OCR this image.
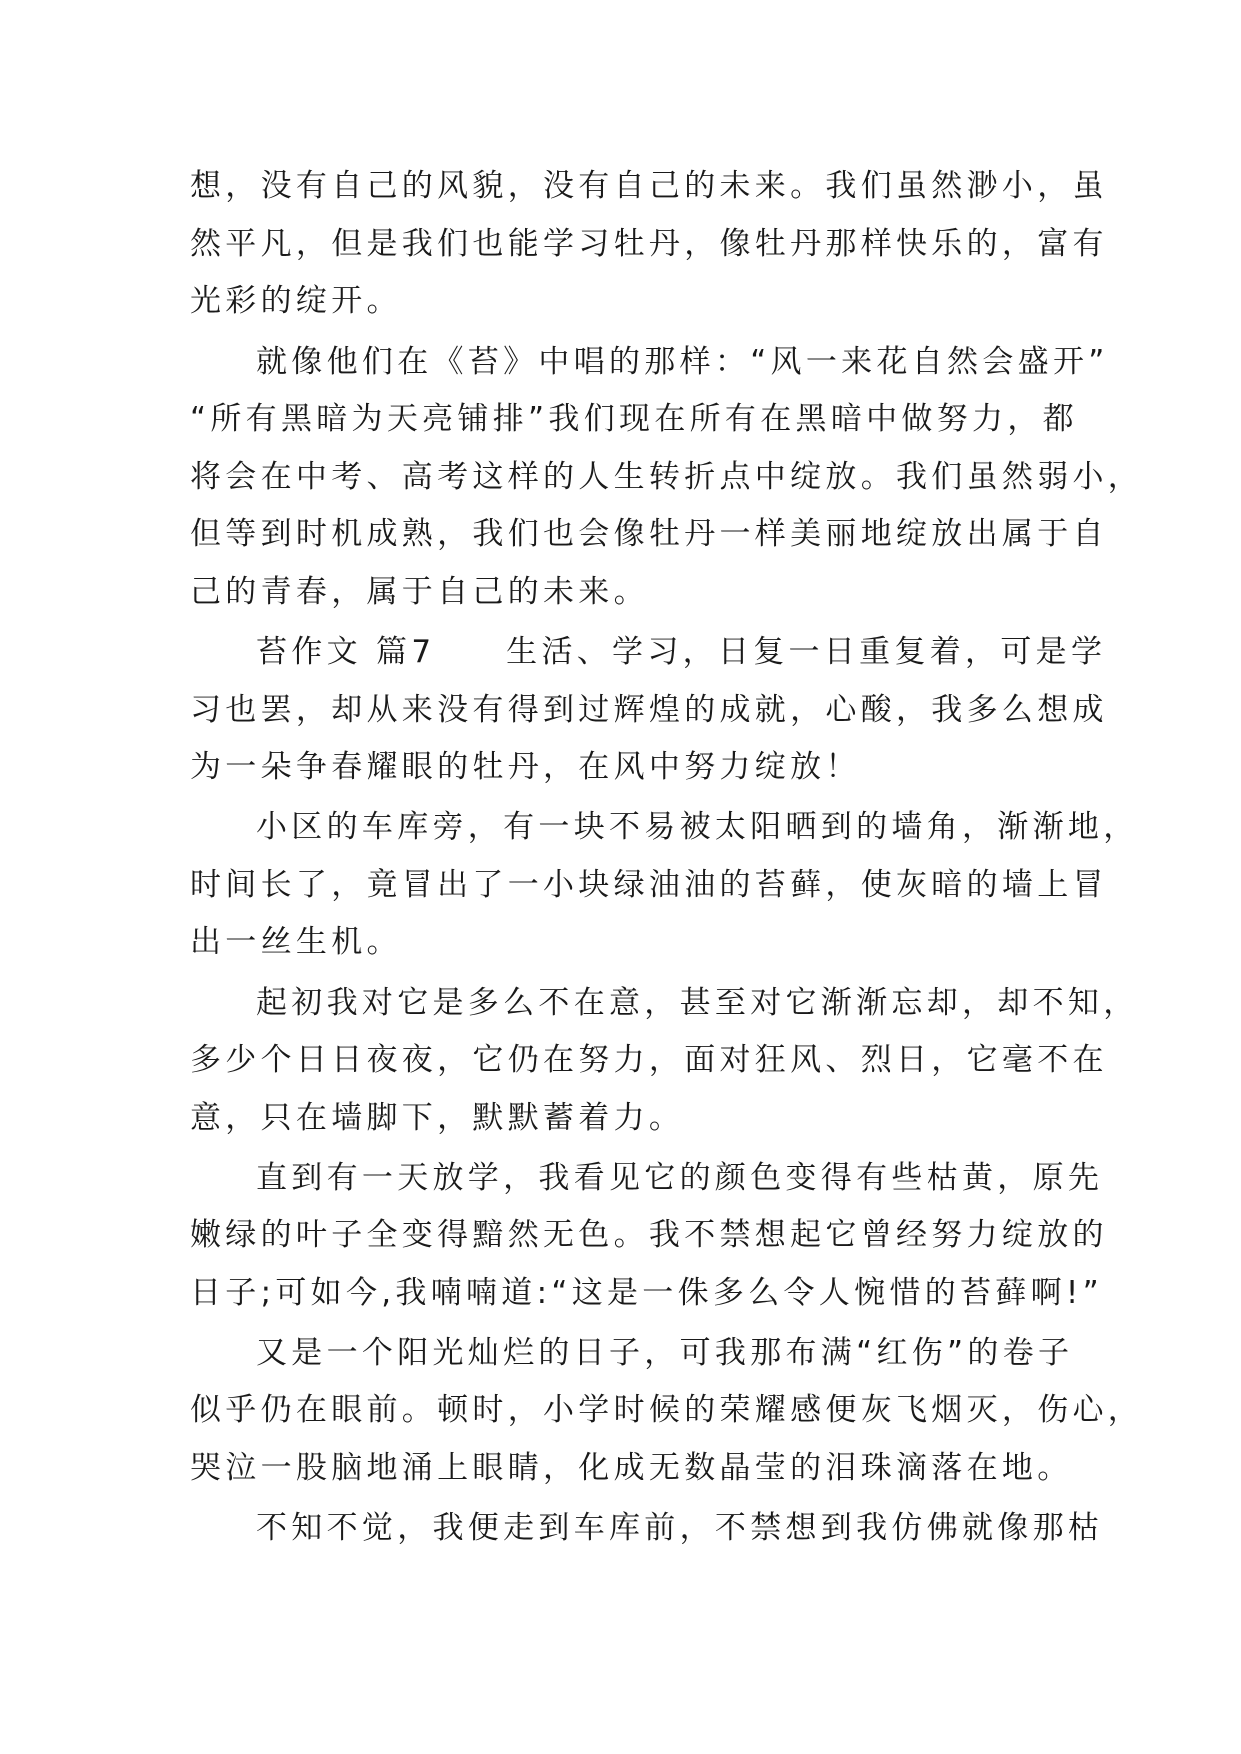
想，没有自己的风貌，没有自己的未来。我们虽然渺小，虽
然平凡，但是我们也能学习牡丹，像牡丹那样快乐的，富有
光彩的绽开。
就像他们在《苔》中唱的那样：“风一来花自然会盛开”
“所有黑暗为天亮铺排”我们现在所有在黑暗中做努力，都
将会在中考、高考这样的人生转折点中绽放。我们虽然弱小，
但等到时机成熟，我们也会像牡丹一样美丽地绽放出属于自
己的青春，属于自己的未来。
苔作文 篇7     生活、学习，日复一日重复着，可是学
习也罢，却从来没有得到过辉煌的成就，心酸，我多么想成
为一朵争春耀眼的牡丹，在风中努力绽放！
小区的车库旁，有一块不易被太阳晒到的墙角，渐渐地，
时间长了，竟冒出了一小块绿油油的苔藓，使灰暗的墙上冒
出一丝生机。
起初我对它是多么不在意，甚至对它渐渐忘却，却不知，
多少个日日夜夜，它仍在努力，面对狂风、烈日，它毫不在
意，只在墙脚下，默默蓄着力。
直到有一天放学，我看见它的颜色变得有些枯黄，原先
嫩绿的叶子全变得黯然无色。我不禁想起它曾经努力绽放的
日子;可如今,我喃喃道:“这是一侏多么令人惋惜的苔藓啊!”
又是一个阳光灿烂的日子，可我那布满“红伤”的卷子
似乎仍在眼前。顿时，小学时候的荣耀感便灰飞烟灭，伤心，
哭泣一股脑地涌上眼睛，化成无数晶莹的泪珠滴落在地。
不知不觉，我便走到车库前，不禁想到我仿佛就像那枯
